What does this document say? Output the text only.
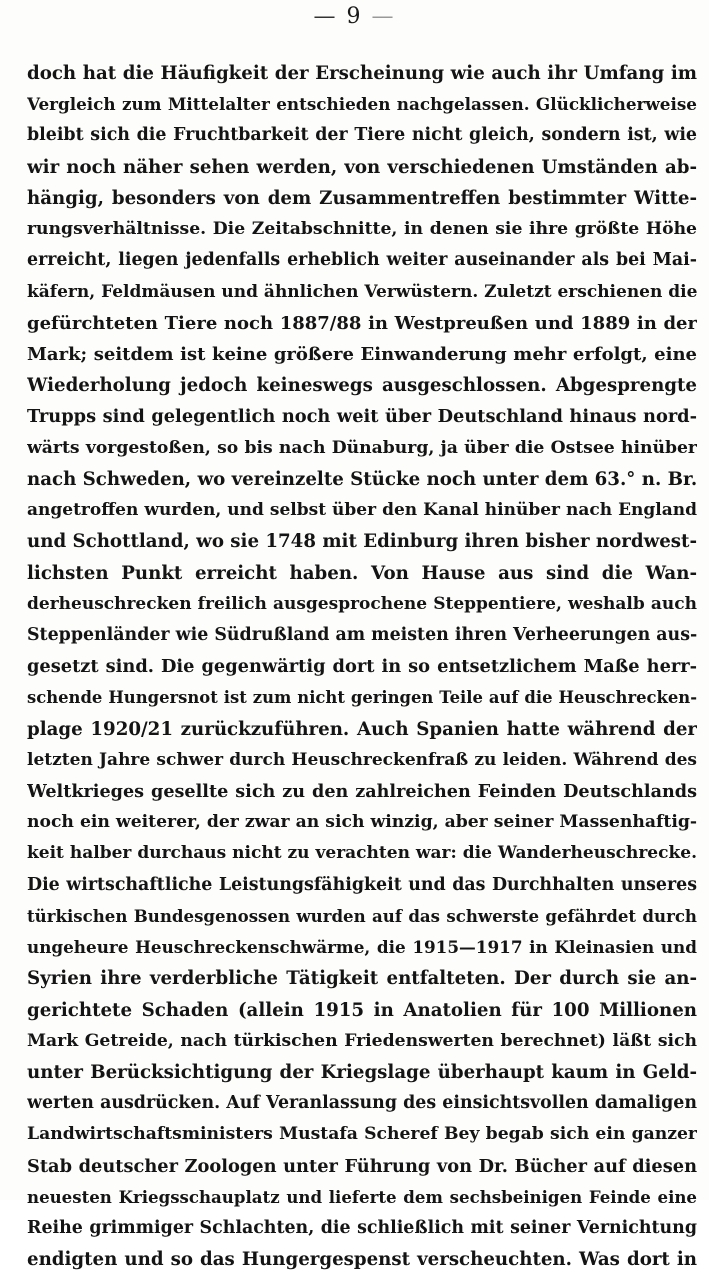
— 9 —
doch hat die Häufigkeit der Erscheinung wie auch ihr Umfang im
Vergleich zum Mittelalter entschieden nachgelassen. Glücklicherweise
bleibt sich die Fruchtbarkeit der Tiere nicht gleich, sondern ist, wie
wir noch näher sehen werden, von verschiedenen Umständen ab-
hängig, besonders von dem Zusammentreffen bestimmter Witte-
rungsverhältnisse. Die Zeitabschnitte, in denen sie ihre größte Höhe
erreicht, liegen jedenfalls erheblich weiter auseinander als bei Mai-
käfern, Feldmäusen und ähnlichen Verwüstern. Zuletzt erschienen die
gefürchteten Tiere noch 1887/88 in Westpreußen und 1889 in der
Mark; seitdem ist keine größere Einwanderung mehr erfolgt, eine
Wiederholung jedoch keineswegs ausgeschlossen. Abgesprengte
Trupps sind gelegentlich noch weit über Deutschland hinaus nord-
wärts vorgestoßen, so bis nach Dünaburg, ja über die Ostsee hinüber
nach Schweden, wo vereinzelte Stücke noch unter dem 63.° n. Br.
angetroffen wurden, und selbst über den Kanal hinüber nach England
und Schottland, wo sie 1748 mit Edinburg ihren bisher nordwest-
lichsten Punkt erreicht haben. Von Hause aus sind die Wan-
derheuschrecken freilich ausgesprochene Steppentiere, weshalb auch
Steppenländer wie Südrußland am meisten ihren Verheerungen aus-
gesetzt sind. Die gegenwärtig dort in so entsetzlichem Maße herr-
schende Hungersnot ist zum nicht geringen Teile auf die Heuschrecken-
plage 1920/21 zurückzuführen. Auch Spanien hatte während der
letzten Jahre schwer durch Heuschreckenfraß zu leiden. Während des
Weltkrieges gesellte sich zu den zahlreichen Feinden Deutschlands
noch ein weiterer, der zwar an sich winzig, aber seiner Massenhaftig-
keit halber durchaus nicht zu verachten war: die Wanderheuschrecke.
Die wirtschaftliche Leistungsfähigkeit und das Durchhalten unseres
türkischen Bundesgenossen wurden auf das schwerste gefährdet durch
ungeheure Heuschreckenschwärme, die 1915—1917 in Kleinasien und
Syrien ihre verderbliche Tätigkeit entfalteten. Der durch sie an-
gerichtete Schaden (allein 1915 in Anatolien für 100 Millionen
Mark Getreide, nach türkischen Friedenswerten berechnet) läßt sich
unter Berücksichtigung der Kriegslage überhaupt kaum in Geld-
werten ausdrücken. Auf Veranlassung des einsichtsvollen damaligen
Landwirtschaftsministers Mustafa Scheref Bey begab sich ein ganzer
Stab deutscher Zoologen unter Führung von Dr. Bücher auf diesen
neuesten Kriegsschauplatz und lieferte dem sechsbeinigen Feinde eine
Reihe grimmiger Schlachten, die schließlich mit seiner Vernichtung
endigten und so das Hungergespenst verscheuchten. Was dort in
